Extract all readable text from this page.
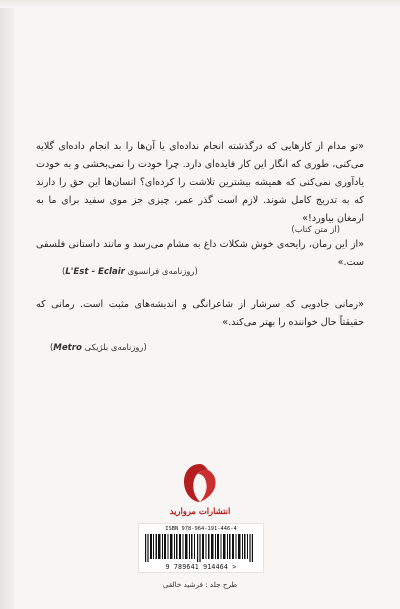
«تو مدام از کارهایی که درگذشته انجام نداده‌ای یا آن‌ها را بد انجام داده‌ای گلایه می‌کنی، طوری که انگار این کار فایده‌ای دارد. چرا خودت را نمی‌بخشی و به خودت یادآوری نمی‌کنی که همیشه بیشترین تلاشت را کرده‌ای؟ انسان‌ها این حق را دارند که به تدریج کامل شوند. لازم است گذر عمر، چیزی جز موی سفید برای ما به ارمغان بیاورد!»
(از متن کتاب)
«از این رمان، رایحه‌ی خوش شکلات داغ به مشام می‌رسد و مانند داستانی فلسفی ست.»
(روزنامه‌ی فرانسوی L'Est - Eclair)
«رمانی جادویی که سرشار از شاعرانگی و اندیشه‌های مثبت است. رمانی که حقیقتاً حال خواننده را بهتر می‌کند.»
(روزنامه‌ی بلژیکی Metro)
انتشارات مروارید
ISBN 978-964-191-446-4
9 789641 914464 >
طرح جلد : فرشید خالقی
